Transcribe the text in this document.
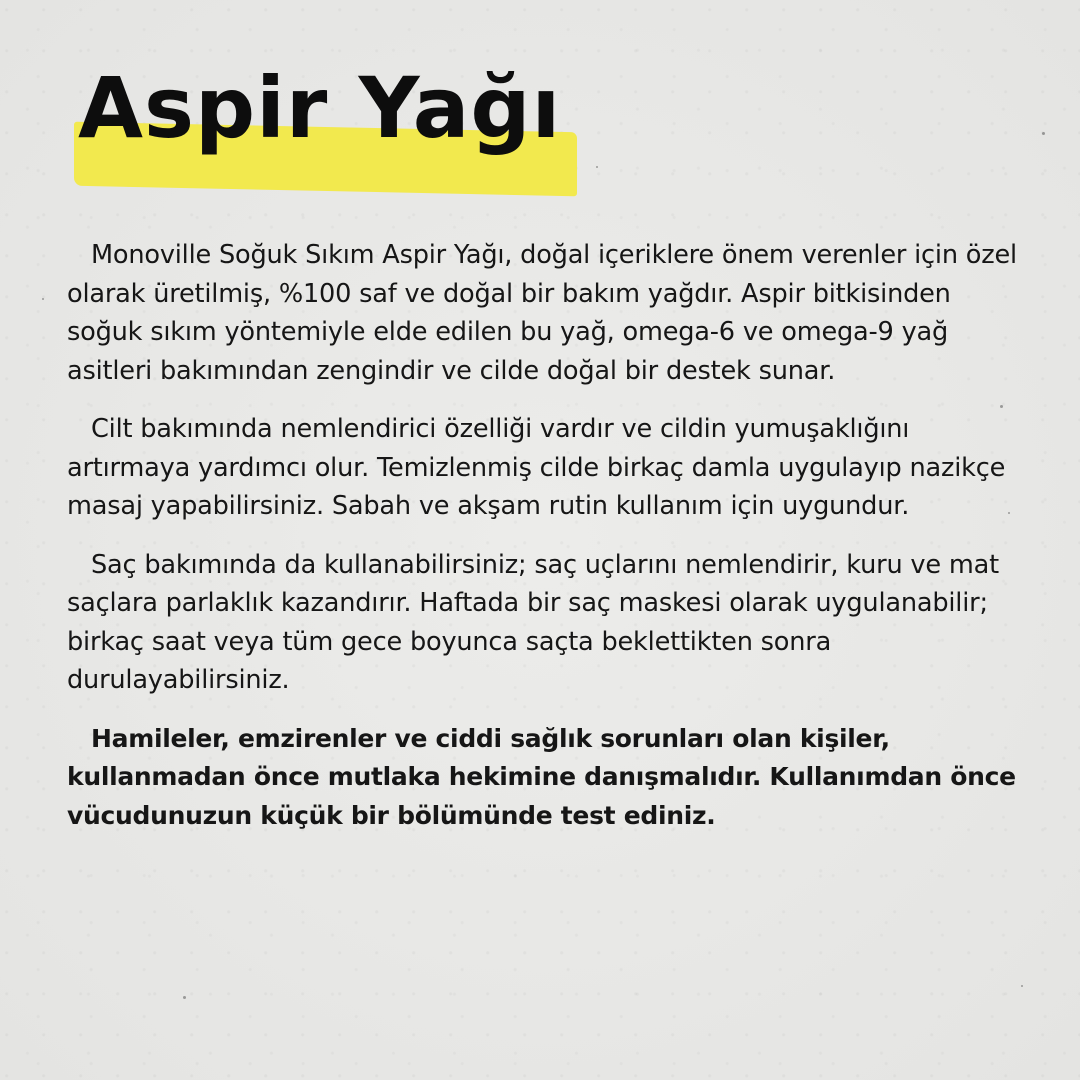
Aspir Yağı

Monoville Soğuk Sıkım Aspir Yağı, doğal içeriklere önem verenler için özel olarak üretilmiş, %100 saf ve doğal bir bakım yağdır. Aspir bitkisinden soğuk sıkım yöntemiyle elde edilen bu yağ, omega-6 ve omega-9 yağ asitleri bakımından zengindir ve cilde doğal bir destek sunar.

Cilt bakımında nemlendirici özelliği vardır ve cildin yumuşaklığını artırmaya yardımcı olur. Temizlenmiş cilde birkaç damla uygulayıp nazikçe masaj yapabilirsiniz. Sabah ve akşam rutin kullanım için uygundur.

Saç bakımında da kullanabilirsiniz; saç uçlarını nemlendirir, kuru ve mat saçlara parlaklık kazandırır. Haftada bir saç maskesi olarak uygulanabilir; birkaç saat veya tüm gece boyunca saçta beklettikten sonra durulayabilirsiniz.

Hamileler, emzirenler ve ciddi sağlık sorunları olan kişiler, kullanmadan önce mutlaka hekimine danışmalıdır. Kullanımdan önce vücudunuzun küçük bir bölümünde test ediniz.
